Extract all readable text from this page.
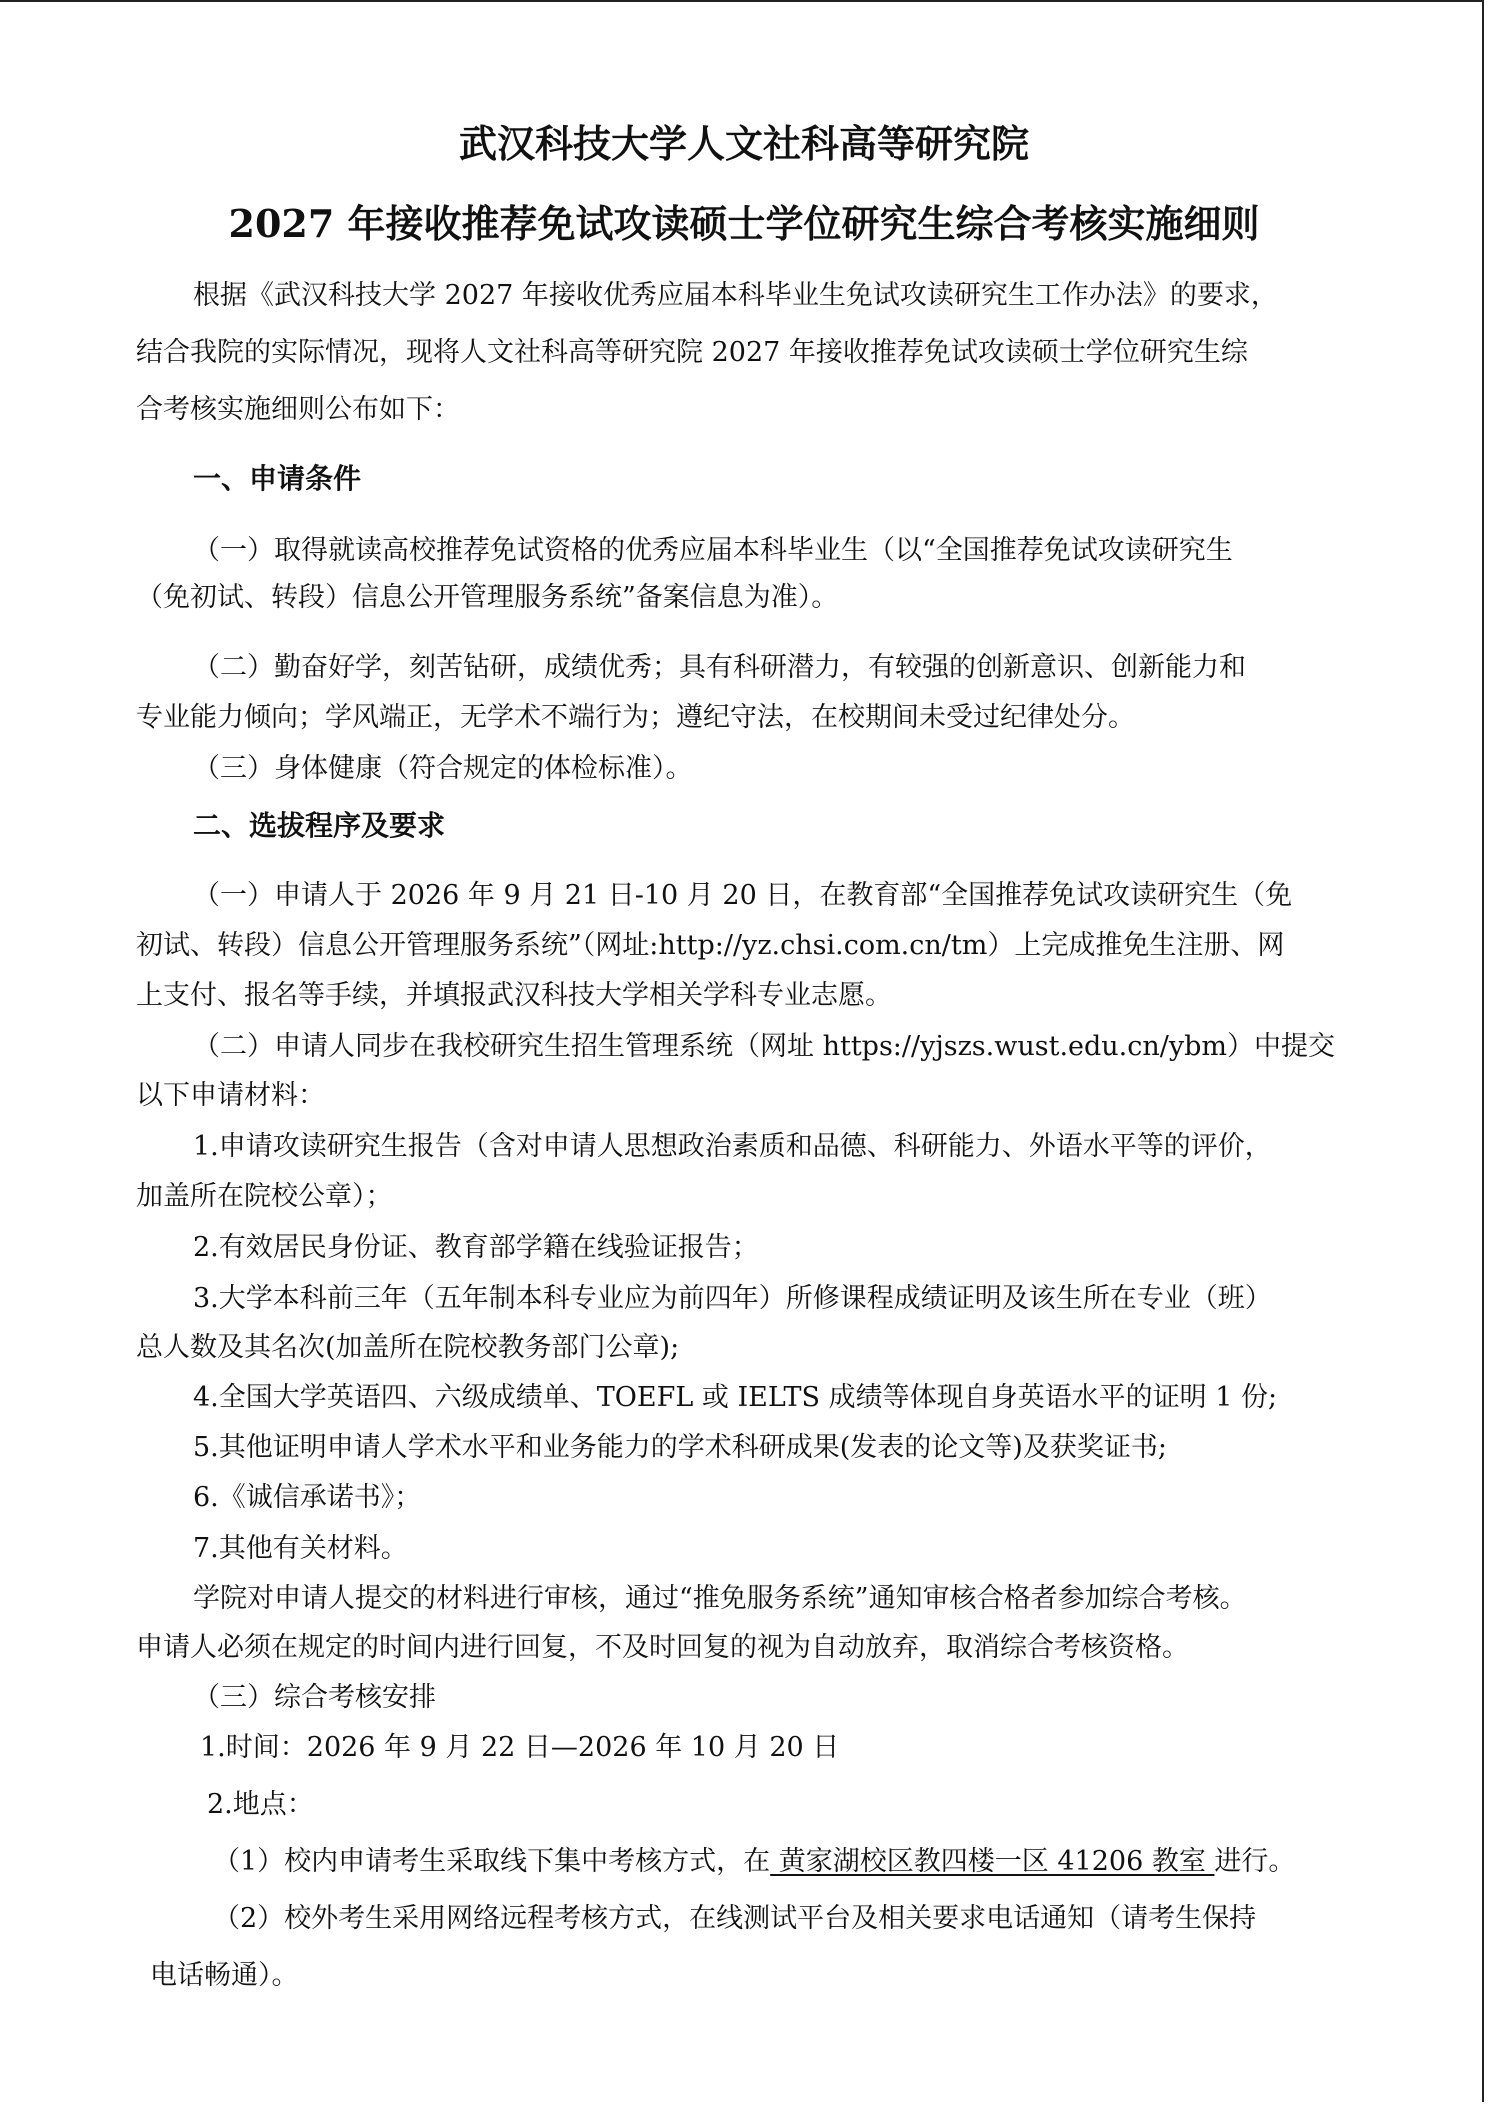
武汉科技大学人文社科高等研究院
2027 年接收推荐免试攻读硕士学位研究生综合考核实施细则
根据《武汉科技大学 2027 年接收优秀应届本科毕业生免试攻读研究生工作办法》的要求，
结合我院的实际情况，现将人文社科高等研究院 2027 年接收推荐免试攻读硕士学位研究生综
合考核实施细则公布如下：
一、申请条件
（一）取得就读高校推荐免试资格的优秀应届本科毕业生（以“全国推荐免试攻读研究生
（免初试、转段）信息公开管理服务系统”备案信息为准）。
（二）勤奋好学，刻苦钻研，成绩优秀；具有科研潜力，有较强的创新意识、创新能力和
专业能力倾向；学风端正，无学术不端行为；遵纪守法，在校期间未受过纪律处分。
（三）身体健康（符合规定的体检标准）。
二、选拔程序及要求
（一）申请人于 2026 年 9 月 21 日-10 月 20 日，在教育部“全国推荐免试攻读研究生（免
初试、转段）信息公开管理服务系统”（网址:http://yz.chsi.com.cn/tm）上完成推免生注册、网
上支付、报名等手续，并填报武汉科技大学相关学科专业志愿。
（二）申请人同步在我校研究生招生管理系统（网址 https://yjszs.wust.edu.cn/ybm）中提交
以下申请材料：
1.申请攻读研究生报告（含对申请人思想政治素质和品德、科研能力、外语水平等的评价，
加盖所在院校公章）；
2.有效居民身份证、教育部学籍在线验证报告；
3.大学本科前三年（五年制本科专业应为前四年）所修课程成绩证明及该生所在专业（班）
总人数及其名次(加盖所在院校教务部门公章);
4.全国大学英语四、六级成绩单、TOEFL 或 IELTS 成绩等体现自身英语水平的证明 1 份;
5.其他证明申请人学术水平和业务能力的学术科研成果(发表的论文等)及获奖证书;
6.《诚信承诺书》；
7.其他有关材料。
学院对申请人提交的材料进行审核，通过“推免服务系统”通知审核合格者参加综合考核。
申请人必须在规定的时间内进行回复，不及时回复的视为自动放弃，取消综合考核资格。
（三）综合考核安排
1.时间：2026 年 9 月 22 日—2026 年 10 月 20 日
2.地点：
（1）校内申请考生采取线下集中考核方式，在 黄家湖校区教四楼一区 41206 教室 进行。
（2）校外考生采用网络远程考核方式，在线测试平台及相关要求电话通知（请考生保持
电话畅通）。
